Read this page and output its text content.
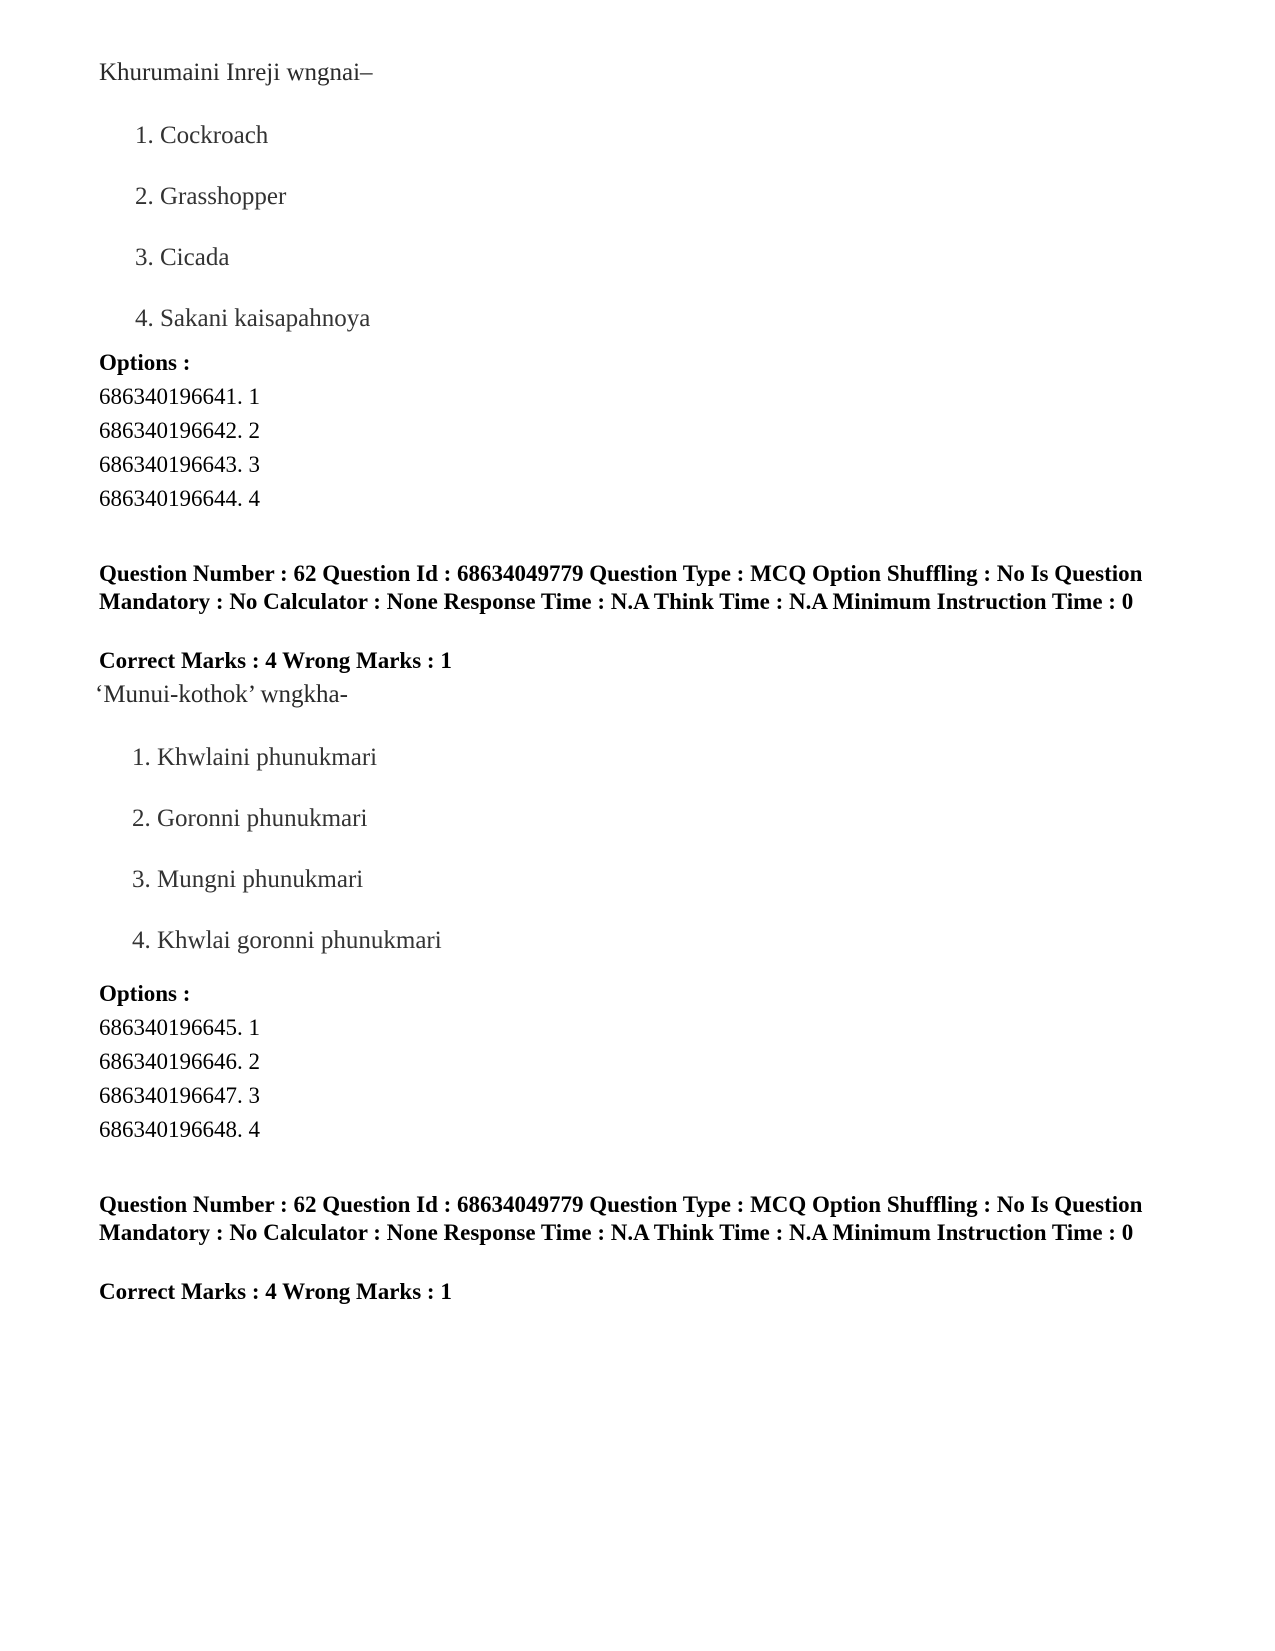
Khurumaini Inreji wngnai–
1. Cockroach
2. Grasshopper
3. Cicada
4. Sakani kaisapahnoya
Options :
686340196641. 1
686340196642. 2
686340196643. 3
686340196644. 4
Question Number : 62 Question Id : 68634049779 Question Type : MCQ Option Shuffling : No Is Question Mandatory : No Calculator : None Response Time : N.A Think Time : N.A Minimum Instruction Time : 0
Correct Marks : 4 Wrong Marks : 1
‘Munui-kothok’ wngkha-
1. Khwlaini phunukmari
2. Goronni phunukmari
3. Mungni phunukmari
4. Khwlai goronni phunukmari
Options :
686340196645. 1
686340196646. 2
686340196647. 3
686340196648. 4
Question Number : 62 Question Id : 68634049779 Question Type : MCQ Option Shuffling : No Is Question Mandatory : No Calculator : None Response Time : N.A Think Time : N.A Minimum Instruction Time : 0
Correct Marks : 4 Wrong Marks : 1
